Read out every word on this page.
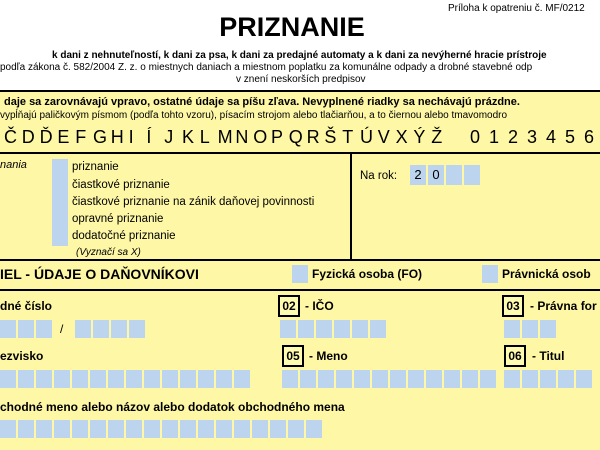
Príloha k opatreniu č. MF/0212
PRIZNANIE
k dani z nehnuteľností, k dani za psa, k dani za predajné automaty a k dani za nevýherné hracie prístroje
podľa zákona č. 582/2004 Z. z. o miestnych daniach a miestnom poplatku za komunálne odpady a drobné stavebné odp
v znení neskorších predpisov
daje sa zarovnávajú vpravo, ostatné údaje sa píšu zľava. Nevyplnené riadky sa nechávajú prázdne.
vypĺňajú paličkovým písmom (podľa tohto vzoru), písacím strojom alebo tlačiarňou, a to čiernou alebo tmavomodro
Č D Ď E F G H I Í J K L M N O P Q R Š T Ú V X Ý Ž 0 1 2 3 4 5 6
nania	priznanie
čiastkové priznanie
čiastkové priznanie na zánik daňovej povinnosti
opravné priznanie
dodatočné priznanie
(Vyznačí sa X)
Na rok:	2 0
IEL - ÚDAJE O DAŇOVNÍKOVI	Fyzická osoba (FO)	Právnická osob
dné číslo	02 - IČO	03 - Právna for
/
ezvisko	05 - Meno	06 - Titul
chodné meno alebo názov alebo dodatok obchodného mena
